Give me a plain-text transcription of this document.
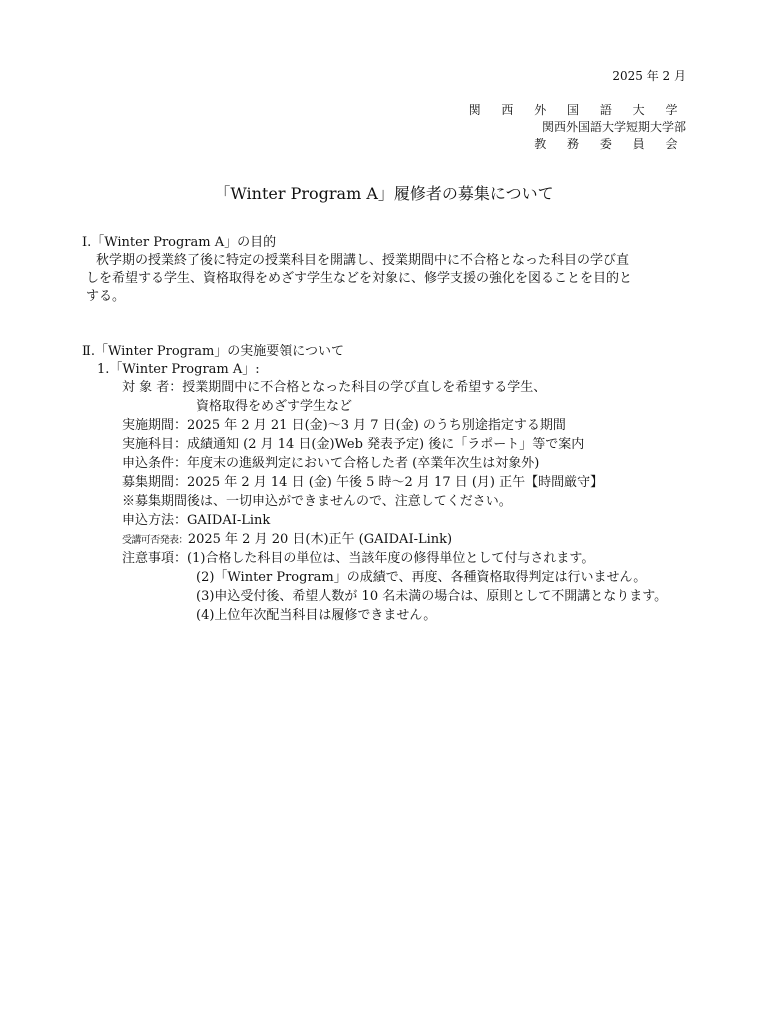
2025 年 2 月
関 西 外 国 語 大 学
関西外国語大学短期大学部
教 務 委 員 会
「Winter Program A」履修者の募集について
Ⅰ.「Winter Program A」の目的
秋学期の授業終了後に特定の授業科目を開講し、授業期間中に不合格となった科目の学び直
しを希望する学生、資格取得をめざす学生などを対象に、修学支援の強化を図ることを目的と
する。
Ⅱ.「Winter Program」の実施要領について
1.「Winter Program A」:
対 象 者：授業期間中に不合格となった科目の学び直しを希望する学生、
資格取得をめざす学生など
実施期間：2025 年 2 月 21 日(金)～3 月 7 日(金) のうち別途指定する期間
実施科目：成績通知 (2 月 14 日(金)Web 発表予定) 後に「ラポート」等で案内
申込条件：年度末の進級判定において合格した者 (卒業年次生は対象外)
募集期間：2025 年 2 月 14 日 (金) 午後 5 時～2 月 17 日 (月) 正午【時間厳守】
※募集期間後は、一切申込ができませんので、注意してください。
申込方法：GAIDAI-Link
受講可否発表：2025 年 2 月 20 日(木)正午 (GAIDAI-Link)
注意事項：(1)合格した科目の単位は、当該年度の修得単位として付与されます。
(2)「Winter Program」の成績で、再度、各種資格取得判定は行いません。
(3)申込受付後、希望人数が 10 名未満の場合は、原則として不開講となります。
(4)上位年次配当科目は履修できません。
